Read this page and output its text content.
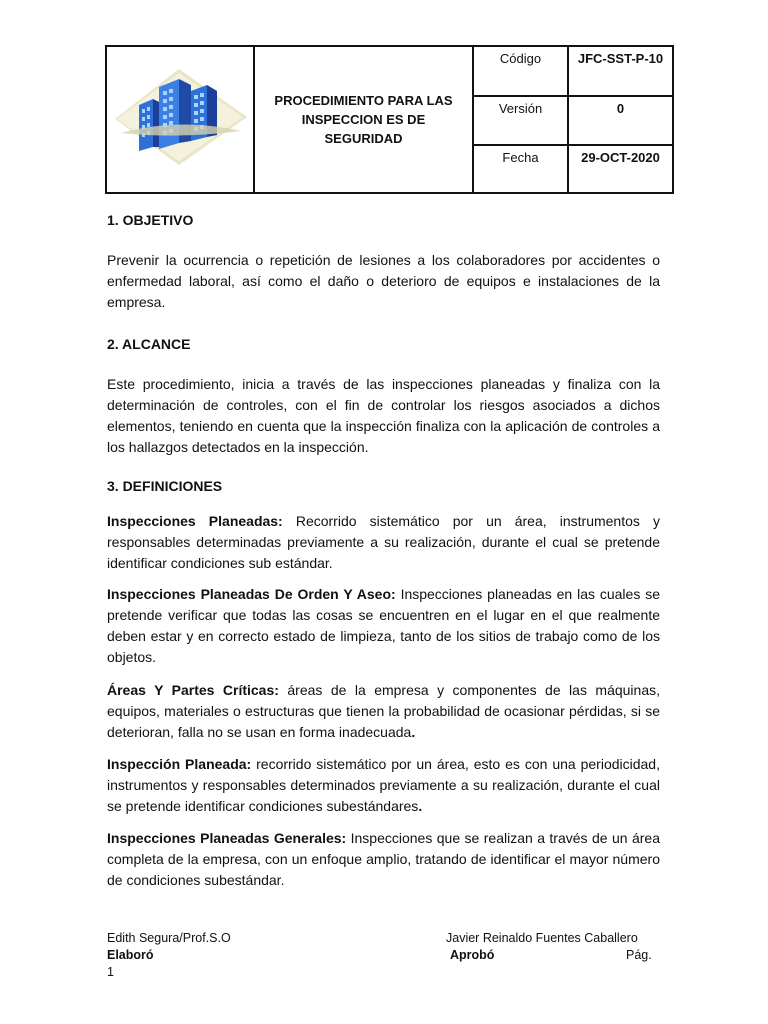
PROCEDIMIENTO PARA LAS
INSPECCION ES DE
SEGURIDAD
Código	JFC-SST-P-10
Versión	0
Fecha	29-OCT-2020
1. OBJETIVO

Prevenir la ocurrencia o repetición de lesiones a los colaboradores por accidentes o enfermedad laboral, así como el daño o deterioro de equipos e instalaciones de la empresa.

2. ALCANCE

Este procedimiento, inicia a través de las inspecciones planeadas y finaliza con la determinación de controles, con el fin de controlar los riesgos asociados a dichos elementos, teniendo en cuenta que la inspección finaliza con la aplicación de controles a los hallazgos detectados en la inspección.

3. DEFINICIONES

Inspecciones Planeadas: Recorrido sistemático por un área, instrumentos y responsables determinadas previamente a su realización, durante el cual se pretende identificar condiciones sub estándar.

Inspecciones Planeadas De Orden Y Aseo: Inspecciones planeadas en las cuales se pretende verificar que todas las cosas se encuentren en el lugar en el que realmente deben estar y en correcto estado de limpieza, tanto de los sitios de trabajo como de los objetos.

Áreas Y Partes Críticas: áreas de la empresa y componentes de las máquinas, equipos, materiales o estructuras que tienen la probabilidad de ocasionar pérdidas, si se deterioran, falla no se usan en forma inadecuada.

Inspección Planeada: recorrido sistemático por un área, esto es con una periodicidad, instrumentos y responsables determinados previamente a su realización, durante el cual se pretende identificar condiciones subestándares.

Inspecciones Planeadas Generales: Inspecciones que se realizan a través de un área completa de la empresa, con un enfoque amplio, tratando de identificar el mayor número de condiciones subestándar.

Edith Segura/Prof.S.O
Elaboró
1
Javier Reinaldo Fuentes Caballero
Aprobó	Pág.
